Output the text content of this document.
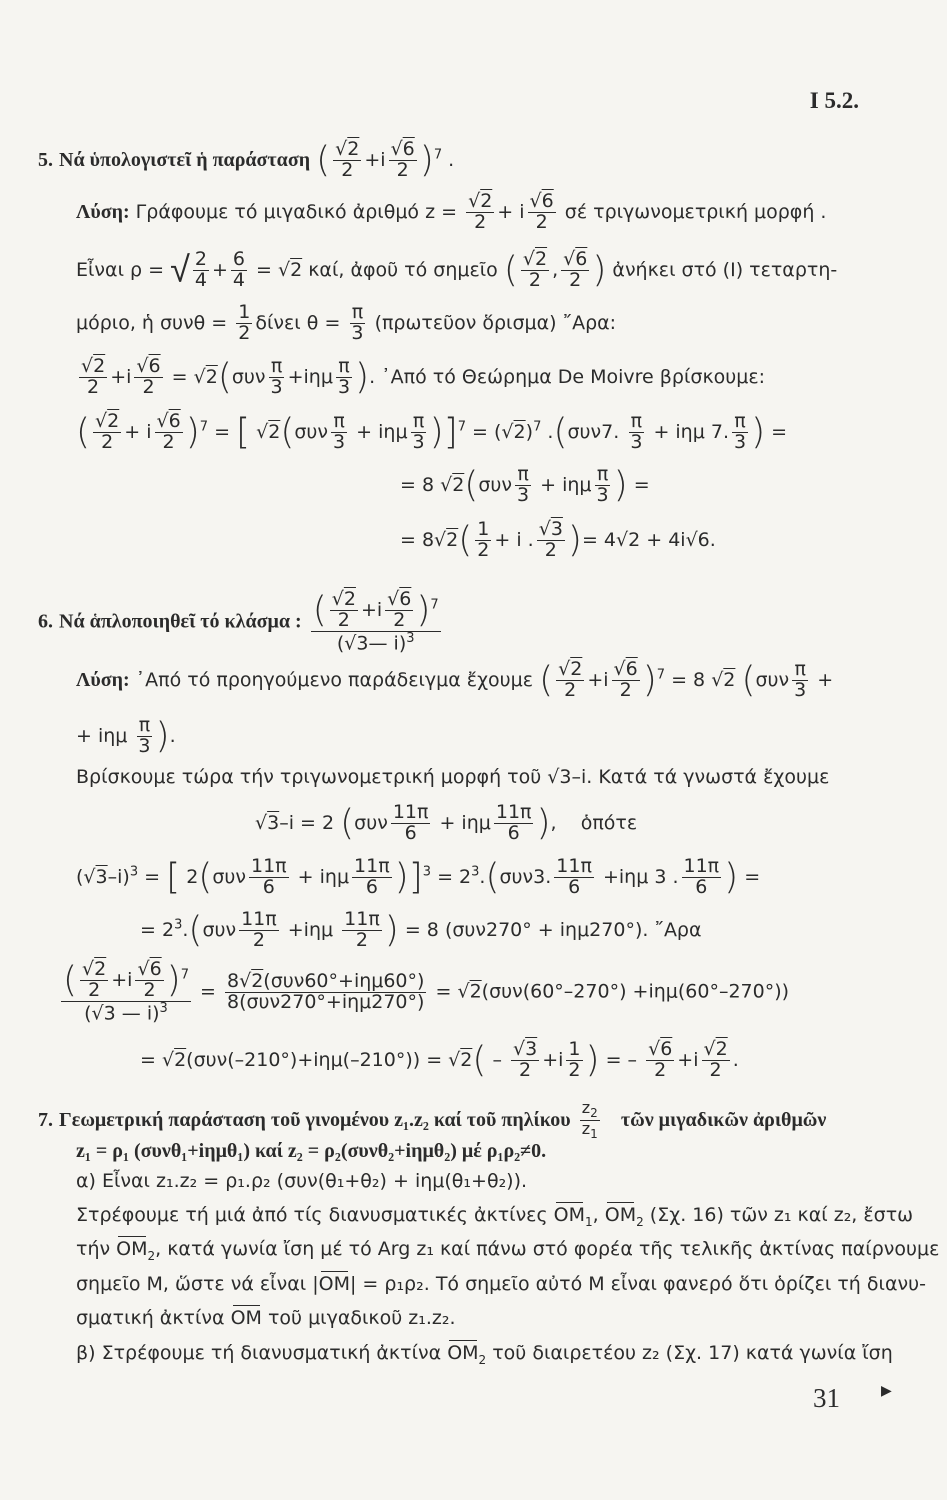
I 5.2.
5. Νά ὑπολογιστεῖ ἡ παράσταση ( $\frac{√2}{2} +i \frac{√6}{2} )^7$ .
Λύση: Γράφουμε τό μιγαδικό ἀριθμό $z = \frac{√2}{2} + i \frac{√6}{2}$ σέ τριγωνομετρική μορφή .
Εἶναι ρ = √ $\frac{2}{4} + \frac{6}{4} = √2$ καί, ἀφοῦ τό σημεῖο ( $\frac{√2}{2}$ , $\frac{√6}{2}$ ) ἀνήκει στό (Ι) τεταρτη-
μόριο, ἡ $\sigma\upsilon\nu\theta = \frac{1}{2}$ δίνει $\theta = \frac{\pi}{3}$ (πρωτεῦον ὅρισμα) ῎Αρα:
$\frac{√2}{2} +i \frac{√6}{2} = √2(\sigma\upsilon\nu \frac{\pi}{3} +i\eta\mu \frac{\pi}{3}$ ). ᾿Από τό Θεώρημα De Moivre βρίσκουμε:
( $\frac{√2}{2} + i \frac{√6}{2} )^7$ = [ $√2(\sigma\upsilon\nu \frac{\pi}{3} + i\eta\mu \frac{\pi}{3} )]^7 = (√2)^7$ .(συν7. $\frac{\pi}{3} + i\eta\mu$ 7. $\frac{\pi}{3}$ ) =
= 8 $√2(\sigma\upsilon\nu \frac{\pi}{3} + i\eta\mu \frac{\pi}{3}$ ) =
= $8√2( \frac{1}{2} + i$ . $\frac{√3}{2}$ )= 4√2 + 4i√6.
6. Νά ἁπλοποιηθεῖ τό κλάσμα : $\frac{( \frac{√2}{2} +i \frac{√6}{2} )^7}{(√3— i)^3}$
Λύση: ᾿Από τό προηγούμενο παράδειγμα ἔχουμε ( $\frac{√2}{2} +i \frac{√6}{2} )^7 = 8$ √2 ($\sigma\upsilon\nu \frac{\pi}{3}$ +
+ iημ $\frac{\pi}{3}$ ).
Βρίσκουμε τώρα τήν τριγωνομετρική μορφή τοῦ √3–i. Κατά τά γνωστά ἔχουμε
√3–i = 2 ($\sigma\upsilon\nu \frac{11\pi}{6} + i\eta\mu \frac{11\pi}{6}$ ),    ὁπότε
$(√3-i)^3$ = [ $2(\sigma\upsilon\nu \frac{11\pi}{6} + i\eta\mu \frac{11\pi}{6} )]^3 = 2^3.(\sigma\upsilon\nu 3$. $\frac{11\pi}{6} +i\eta\mu$ 3 . $\frac{11\pi}{6}$ ) =
= $2^3.(\sigma\upsilon\nu \frac{11\pi}{2} +i\eta\mu \frac{11\pi}{2}$ ) = 8 (συν270° + iημ270°). ῎Αρα
$\frac{( \frac{√2}{2} +i \frac{√6}{2} )^7}{(√3 — i)^3} = 8√2(\sigma\upsilon\nu 60^\circ+i\eta\mu 60^\circ)$
8(συν270°+iημ270°) = √2(συν(60°–270°) +iημ(60°–270°))
= $√2(\sigma\upsilon\nu(-210^\circ)+i\eta\mu(-210^\circ)) = √2( - \frac{√3}{2} +i \frac{1}{2}$ ) = – $\frac{√6}{2} +i \frac{√2}{2}$ .
7. Γεωμετρική παράσταση τοῦ γινομένου z₁.z₂ καί τοῦ πηλίκου $\frac{z_2}{z_1}$ τῶν μιγαδικῶν ἀριθμῶν
z₁ = ρ₁ (συνθ₁+iημθ₁) καί z₂ = ρ₂(συνθ₂+iημθ₂) μέ ρ₁ρ₂≠0.
α) Εἶναι z₁.z₂ = ρ₁.ρ₂ (συν(θ₁+θ₂) + iημ(θ₁+θ₂)).
Στρέφουμε τή μιά ἀπό τίς διανυσματικές ἀκτίνες $OM_1$, $OM_2$ (Σχ. 16) τῶν z₁ καί z₂, ἔστω
τήν $OM_2$, κατά γωνία ἴση μέ τό Arg z₁ καί πάνω στό φορέα τῆς τελικῆς ἀκτίνας παίρνουμε
σημεῖο Μ, ὥστε νά εἶναι |OM| = ρ₁ρ₂. Τό σημεῖο αὐτό Μ εἶναι φανερό ὅτι ὁρίζει τή διανυ-
σματική ἀκτίνα OM τοῦ μιγαδικοῦ z₁.z₂.
β) Στρέφουμε τή διανυσματική ἀκτίνα $OM_2$ τοῦ διαιρετέου z₂ (Σχ. 17) κατά γωνία ἴση
31	▶
